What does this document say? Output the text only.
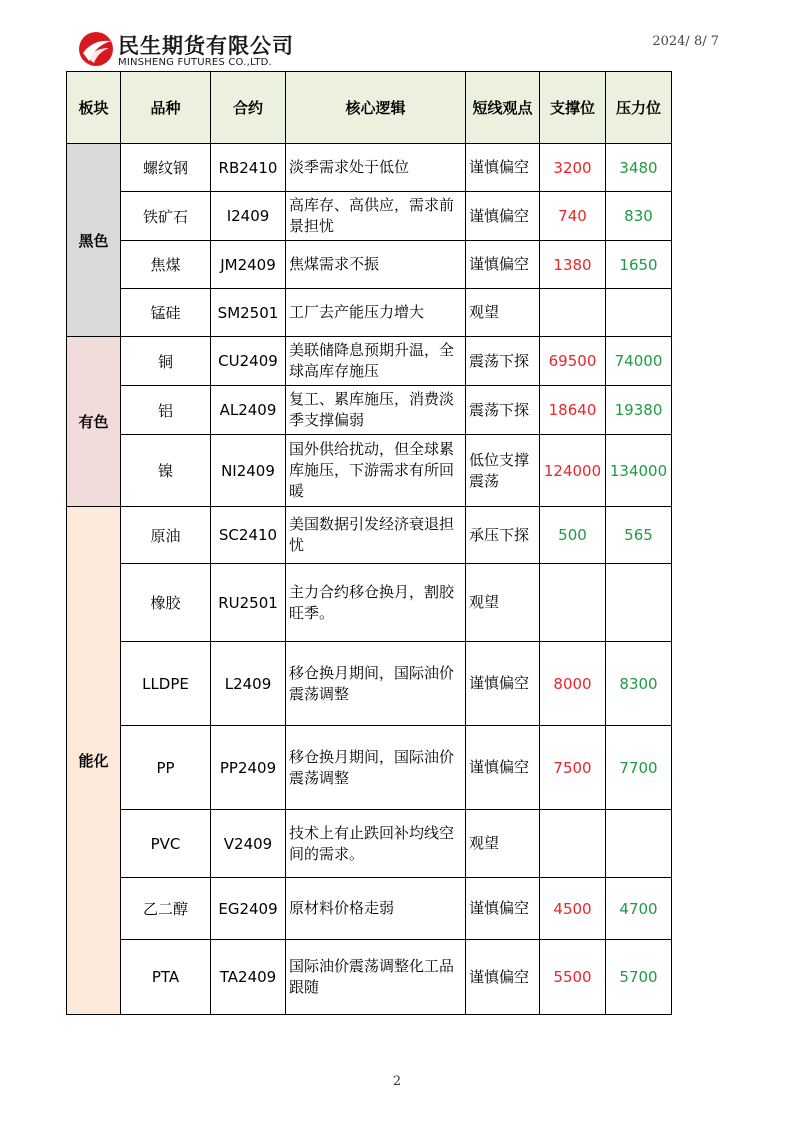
民生期货有限公司
MINSHENG FUTURES CO.,LTD.
2024/ 8/ 7
板块	品种	合约	核心逻辑	短线观点	支撑位	压力位
黑色	螺纹钢	RB2410	淡季需求处于低位	谨慎偏空	3200	3480
	铁矿石	I2409	高库存、高供应，需求前景担忧	谨慎偏空	740	830
	焦煤	JM2409	焦煤需求不振	谨慎偏空	1380	1650
	锰硅	SM2501	工厂去产能压力增大	观望		
有色	铜	CU2409	美联储降息预期升温，全球高库存施压	震荡下探	69500	74000
	铝	AL2409	复工、累库施压，消费淡季支撑偏弱	震荡下探	18640	19380
	镍	NI2409	国外供给扰动，但全球累库施压，下游需求有所回暖	低位支撑震荡	124000	134000
能化	原油	SC2410	美国数据引发经济衰退担忧	承压下探	500	565
	橡胶	RU2501	主力合约移仓换月，割胶旺季。	观望		
	LLDPE	L2409	移仓换月期间，国际油价震荡调整	谨慎偏空	8000	8300
	PP	PP2409	移仓换月期间，国际油价震荡调整	谨慎偏空	7500	7700
	PVC	V2409	技术上有止跌回补均线空间的需求。	观望		
	乙二醇	EG2409	原材料价格走弱	谨慎偏空	4500	4700
	PTA	TA2409	国际油价震荡调整化工品跟随	谨慎偏空	5500	5700
2
